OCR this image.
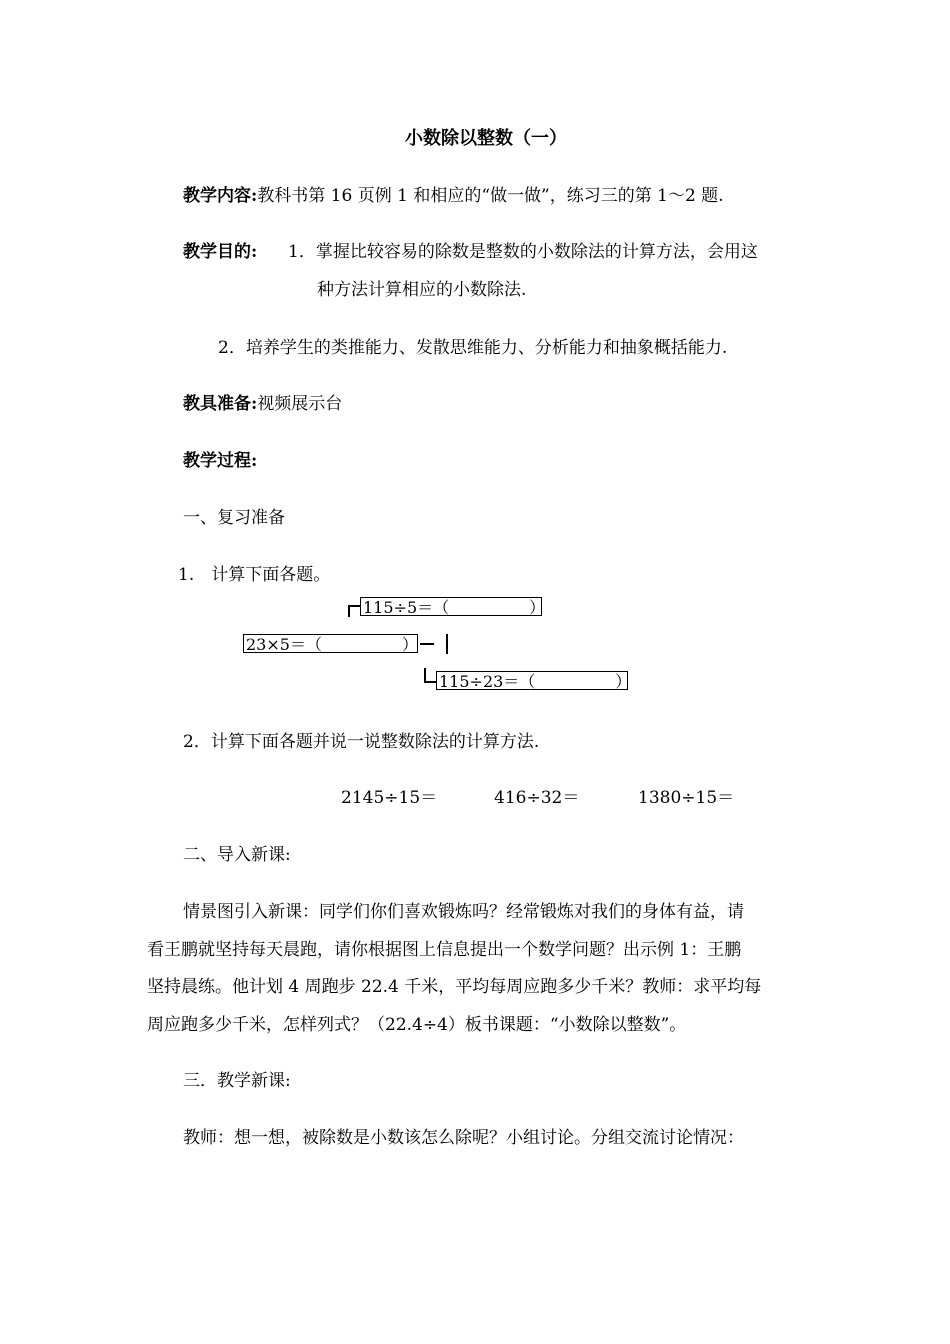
小数除以整数（一）
教学内容:教科书第 16 页例 1 和相应的“做一做”，练习三的第 1～2 题.
教学目的: 1．掌握比较容易的除数是整数的小数除法的计算方法，会用这
种方法计算相应的小数除法.
2．培养学生的类推能力、发散思维能力、分析能力和抽象概括能力.
教具准备:视频展示台
教学过程:
一、复习准备
1.　计算下面各题。
115÷5＝（　　　　　）
23×5＝（　　　　　）
115÷23＝（　　　　　）
2．计算下面各题并说一说整数除法的计算方法.
2145÷15＝	416÷32＝	1380÷15＝
二、导入新课:
情景图引入新课：同学们你们喜欢锻炼吗？经常锻炼对我们的身体有益，请
看王鹏就坚持每天晨跑，请你根据图上信息提出一个数学问题？出示例 1：王鹏
坚持晨练。他计划 4 周跑步 22.4 千米，平均每周应跑多少千米？教师：求平均每
周应跑多少千米，怎样列式？（22.4÷4）板书课题：“小数除以整数”。
三．教学新课:
教师：想一想，被除数是小数该怎么除呢？小组讨论。分组交流讨论情况：
